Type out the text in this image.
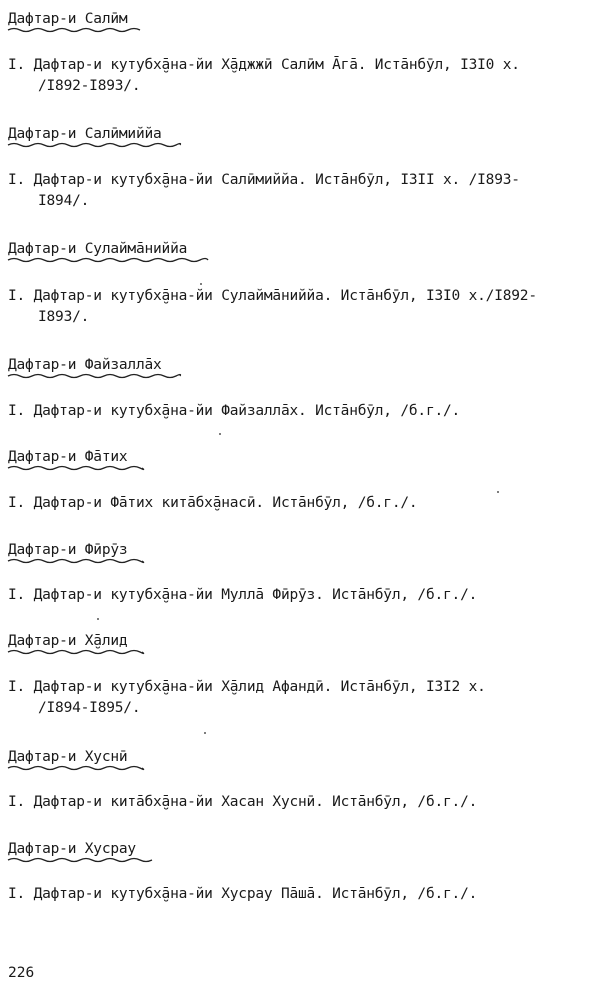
Дафтар-и Салӣм
I. Дафтар-и кутубх̮āна-йи Х̮āджжӣ Салӣм Āгā. Истāнбӯл, I3I0 х.
/I892-I893/.
Дафтар-и Салӣмиййа
I. Дафтар-и кутубх̮āна-йи Салӣмиййа. Истāнбӯл, I3II х. /I893-
I894/.
Дафтар-и Сулаймāниййа
I. Дафтар-и кутубх̮āна-йи Сулаймāниййа. Истāнбӯл, I3I0 х./I892-
I893/.
Дафтар-и Файзаллāх
I. Дафтар-и кутубх̮āна-йи Файзаллāх. Истāнбӯл, /б.г./.
Дафтар-и Фāтих
I. Дафтар-и Фāтих китāбх̮āнасӣ. Истāнбӯл, /б.г./.
Дафтар-и Фӣрӯз
I. Дафтар-и кутубх̮āна-йи Муллā Фӣрӯз. Истāнбӯл, /б.г./.
Дафтар-и Х̮āлид
I. Дафтар-и кутубх̮āна-йи Х̮āлид Афандӣ. Истāнбӯл, I3I2 х.
/I894-I895/.
Дафтар-и Хуснӣ
I. Дафтар-и китāбх̮āна-йи Хасан Хуснӣ. Истāнбӯл, /б.г./.
Дафтар-и Хусрау
I. Дафтар-и кутубх̮āна-йи Хусрау Пāшā. Истāнбӯл, /б.г./.
226
